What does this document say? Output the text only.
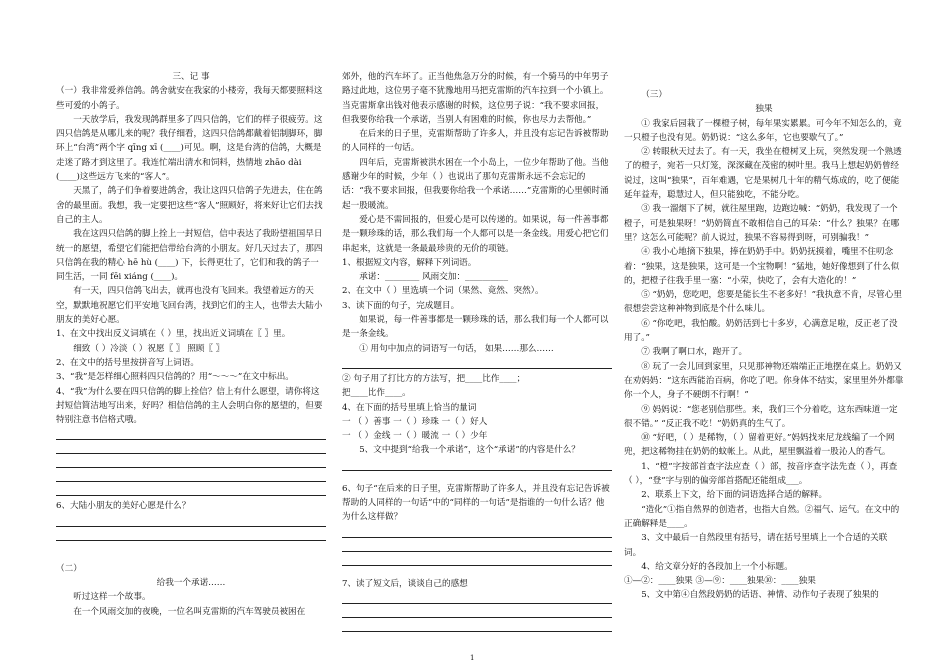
三、记 事

（一）我非常爱养信鸽。鸽舍就安在我家的小楼旁，我每天都要照料这些可爱的小鸽子。

一天放学后，我发现鸽群里多了四只信鸽，它们的样子很疲劳。这四只信鸽是从哪儿来的呢？我仔细看，这四只信鸽都戴着铝制脚环，脚环上“台湾”两个字 qīng xī (____)可见。啊，这是台湾的信鸽，大概是走迷了路才到这里了。我连忙端出清水和饲料，热情地 zhāo dài (____)这些远方飞来的“客人”。

天黑了，鸽子们争着要进鸽舍，我让这四只信鸽子先进去，住在鸽舍的最里面。我想，我一定要把这些“客人”照顾好，将来好让它们去找自己的主人。

我在这四只信鸽的脚上拴上一封短信，信中表达了我盼望祖国早日统一的愿望，希望它们能把信带给台湾的小朋友。好几天过去了，那四只信鸽在我的精心 hē hù (____) 下，长得更壮了，它们和我的鸽子一同生活，一同 fēi xiáng (____)。

有一天，四只信鸽飞出去，就再也没有飞回来。我望着远方的天空，默默地祝愿它们平安地飞回台湾，找到它们的主人，也带去大陆小朋友的美好心愿。

1、在文中找出反义词填在（ ）里，找出近义词填在〖 〗里。

细致（ ）冷淡（ ）祝愿〖 〗 照顾〖 〗

2、在文中的括号里按拼音写上词语。

3、“我”是怎样细心照料四只信鸽的？用“～～～”在文中标出。

4、“我”为什么要在四只信鸽的脚上拴信？信上有什么愿望，请你将这封短信简洁地写出来，好吗？相信信鸽的主人会明白你的愿望的，但要特别注意书信格式哦。

6、大陆小朋友的美好心愿是什么？

（二）

给我一个承诺……

听过这样一个故事。

在一个风雨交加的夜晚，一位名叫克雷斯的汽车驾驶员被困在

郊外，他的汽车坏了。正当他焦急万分的时候，有一个骑马的中年男子路过此地，这位男子毫不犹豫地用马把克雷斯的汽车拉到一个小镇上。当克雷斯拿出钱对他表示感谢的时候，这位男子说：“我不要求回报，但我要你给我一个承诺，当别人有困难的时候，你也尽力去帮他。”

在后来的日子里，克雷斯帮助了许多人，并且没有忘记告诉被帮助的人同样的一句话。

四年后，克雷斯被洪水困在一个小岛上，一位少年帮助了他。当他感谢少年的时候，少年（ ）也说出了那句克雷斯永远不会忘记的话：“我不要求回报，但我要你给我一个承诺……”克雷斯的心里顿时涌起一股暖流。

爱心是不需回报的，但爱心是可以传递的。如果说，每一件善事都是一颗珍珠的话，那么我们每一个人都可以是一条金线。用爱心把它们串起来，这就是一条最最珍贵的无价的项链。

1、根据短文内容，解释下列词语。

承诺：________ 风雨交加：__________

2、在文中（ ）里选填一个词（果然、竟然、突然）。

3、读下面的句子，完成题目。

如果说，每一件善事都是一颗珍珠的话，那么我们每一个人都可以是一条金线。

① 用句中加点的词语写一句话， 如果……那么……

② 句子用了打比方的方法写，把____比作____；

把____比作____。

4、在下面的括号里填上恰当的量词

一 （ ）善事 一（ ）珍珠 一（ ）好人

一 （ ）金线 一（ ）暖流 一（ ）少年

5、文中提到“给我一个承诺”，这个“承诺”的内容是什么？

6、句子“在后来的日子里，克雷斯帮助了许多人，并且没有忘记告诉被帮助的人同样的一句话”中的“同样的一句话”是指谁的一句什么话？他为什么这样做？

7、读了短文后，谈谈自己的感想

（三）

独果

① 我家后园栽了一棵橙子树，每年果实累累。可今年不知怎么的，竟一只橙子也没有见。奶奶说：“这么多年，它也要歇气了。”

② 转眼秋天过去了。有一天，我坐在橙树叉上玩，突然发现一个熟透了的橙子，宛若一只灯笼，深深藏在茂密的树叶里。我马上想起奶奶曾经说过，这叫“独果”，百年难遇，它是果树几十年的精气炼成的，吃了便能延年益寿，聪慧过人，但只能独吃，不能分吃。

③ 我一溜烟下了树，就往屋里跑，边跑边喊：“奶奶，我发现了一个橙子，可是独果呀！”奶奶简直不敢相信自己的耳朵：“什么？独果？在哪里？这怎么可能呢？前人说过，独果不容易得到呀，可别骗我！”

④ 我小心地摘下独果，捧在奶奶手中。奶奶抚摸着，嘴里不住叨念着：“独果，这是独果，这可是一个宝物啊！”猛地，她好像想到了什么似的，把橙子往我手里一塞：“小荣，快吃了，会有大造化的！”

⑤ “奶奶，您吃吧，您要是能长生不老多好！”我执意不肯，尽管心里很想尝尝这种神物到底是个什么味儿。

⑥ “你吃吧，我怕酸。奶奶活到七十多岁，心满意足啦，反正老了没用了。”

⑦ 我啊了啊口水，跑开了。

⑧ 玩了一会儿回到家里，只见那神物还端端正正地摆在桌上。奶奶又在劝妈妈：“这东西能治百病，你吃了吧。你身体不结实，家里里外外都靠你一个人，身子不硬朗不行啊！”

⑨ 妈妈说：“您老别信那些。来，我们三个分着吃，这东西味道一定很不错。” “反正我不吃！”奶奶真的生气了。

⑩ “好吧，（ ）是稀物，（ ）留着更好。”妈妈找来尼龙线编了一个网兜，把这稀物挂在奶奶的蚊帐上。从此，屋里飘溢着一股沁人的香气。

1、“橙”字按部首查字法应查（ ）部，按音序查字法先查（ ），再查（ ），“登”字与别的偏旁部首搭配还能组成___。

2、联系上下文，给下面的词语选择合适的解释。

“造化”①指自然界的创造者，也指大自然。②福气、运气。在文中的正确解释是____。

3、文中最后一自然段里有括号，请在括号里填上一个合适的关联词。

4、给文章分好的各段加上一个小标题。

①—②：____独果 ③—⑨：____独果⑩：____独果

5、文中第④自然段奶奶的话语、神情、动作句子表现了独果的

1
